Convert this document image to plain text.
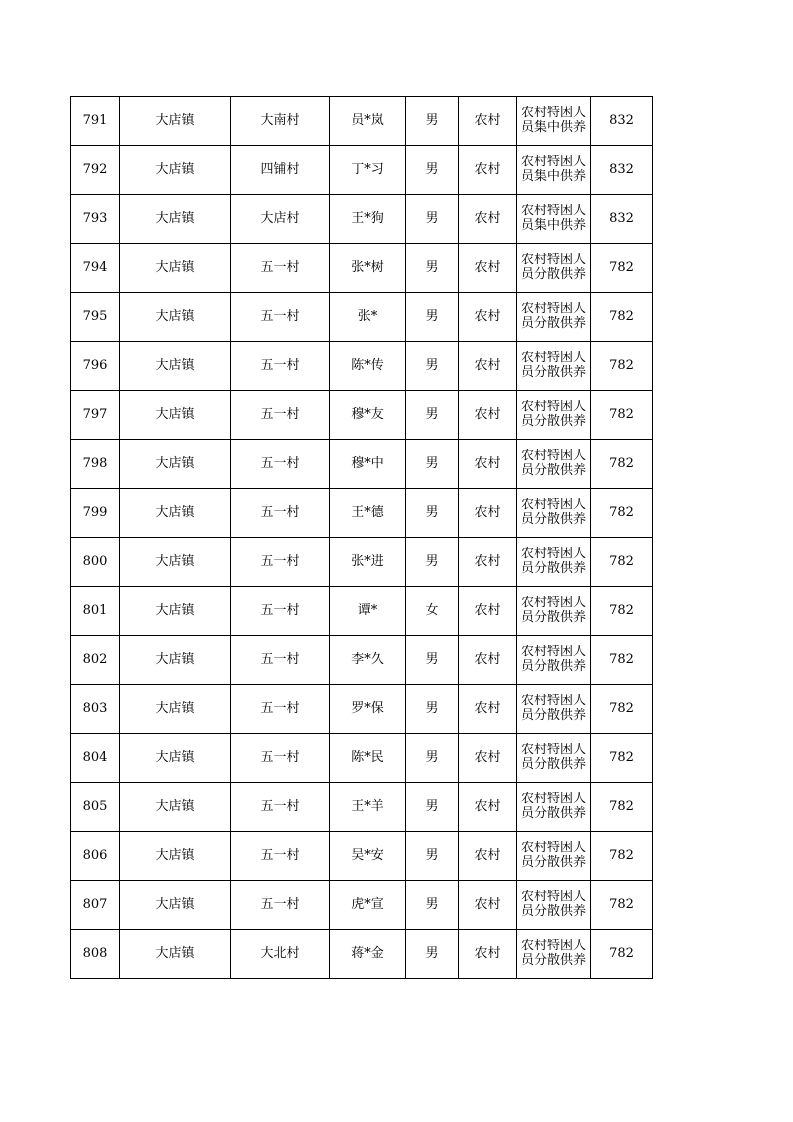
791	大店镇	大南村	员*岚	男	农村	农村特困人员集中供养	832
792	大店镇	四铺村	丁*习	男	农村	农村特困人员集中供养	832
793	大店镇	大店村	王*狗	男	农村	农村特困人员集中供养	832
794	大店镇	五一村	张*树	男	农村	农村特困人员分散供养	782
795	大店镇	五一村	张*	男	农村	农村特困人员分散供养	782
796	大店镇	五一村	陈*传	男	农村	农村特困人员分散供养	782
797	大店镇	五一村	穆*友	男	农村	农村特困人员分散供养	782
798	大店镇	五一村	穆*中	男	农村	农村特困人员分散供养	782
799	大店镇	五一村	王*德	男	农村	农村特困人员分散供养	782
800	大店镇	五一村	张*进	男	农村	农村特困人员分散供养	782
801	大店镇	五一村	谭*	女	农村	农村特困人员分散供养	782
802	大店镇	五一村	李*久	男	农村	农村特困人员分散供养	782
803	大店镇	五一村	罗*保	男	农村	农村特困人员分散供养	782
804	大店镇	五一村	陈*民	男	农村	农村特困人员分散供养	782
805	大店镇	五一村	王*羊	男	农村	农村特困人员分散供养	782
806	大店镇	五一村	吴*安	男	农村	农村特困人员分散供养	782
807	大店镇	五一村	虎*宣	男	农村	农村特困人员分散供养	782
808	大店镇	大北村	蒋*金	男	农村	农村特困人员分散供养	782
